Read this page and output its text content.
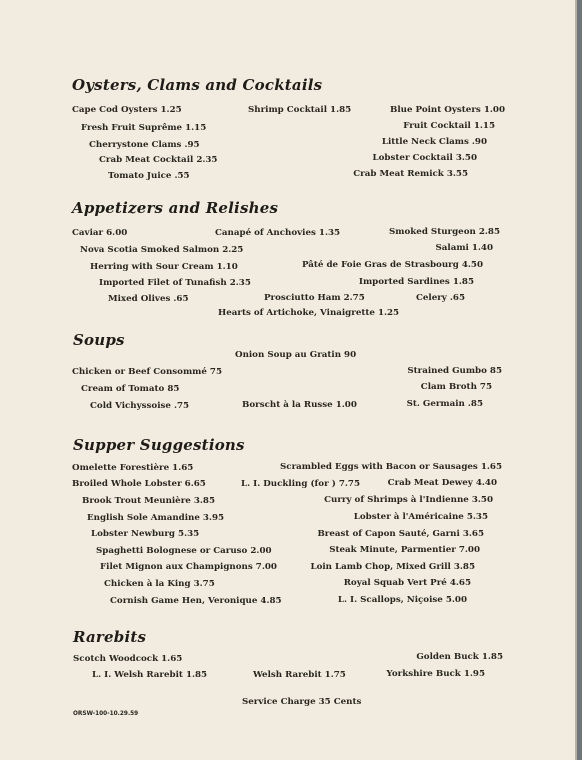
Oysters, Clams and Cocktails
Cape Cod Oysters 1.25	Shrimp Cocktail 1.85	Blue Point Oysters 1.00
Fresh Fruit Suprême 1.15	Fruit Cocktail 1.15
Cherrystone Clams .95	Little Neck Clams .90
Crab Meat Cocktail 2.35	Lobster Cocktail 3.50
Tomato Juice .55	Crab Meat Remick 3.55
Appetizers and Relishes
Caviar 6.00	Canapé of Anchovies 1.35	Smoked Sturgeon 2.85
Nova Scotia Smoked Salmon 2.25	Salami 1.40
Herring with Sour Cream 1.10	Pâté de Foie Gras de Strasbourg 4.50
Imported Filet of Tunafish 2.35	Imported Sardines 1.85
Mixed Olives .65	Prosciutto Ham 2.75	Celery .65
Hearts of Artichoke, Vinaigrette 1.25
Soups
Onion Soup au Gratin 90
Chicken or Beef Consommé 75	Strained Gumbo 85
Cream of Tomato 85	Clam Broth 75
Cold Vichyssoise .75	Borscht à la Russe 1.00	St. Germain .85
Supper Suggestions
Omelette Forestière 1.65	Scrambled Eggs with Bacon or Sausages 1.65
Broiled Whole Lobster 6.65	L. I. Duckling (for ) 7.75	Crab Meat Dewey 4.40
Brook Trout Meunière 3.85	Curry of Shrimps à l'Indienne 3.50
English Sole Amandine 3.95	Lobster à l'Américaine 5.35
Lobster Newburg 5.35	Breast of Capon Sauté, Garni 3.65
Spaghetti Bolognese or Caruso 2.00	Steak Minute, Parmentier 7.00
Filet Mignon aux Champignons 7.00	Loin Lamb Chop, Mixed Grill 3.85
Chicken à la King 3.75	Royal Squab Vert Pré 4.65
Cornish Game Hen, Veronique 4.85	L. I. Scallops, Niçoise 5.00
Rarebits
Scotch Woodcock 1.65	Golden Buck 1.85
L. I. Welsh Rarebit 1.85	Welsh Rarebit 1.75	Yorkshire Buck 1.95
Service Charge 35 Cents
ORSW-100-10.29.59
